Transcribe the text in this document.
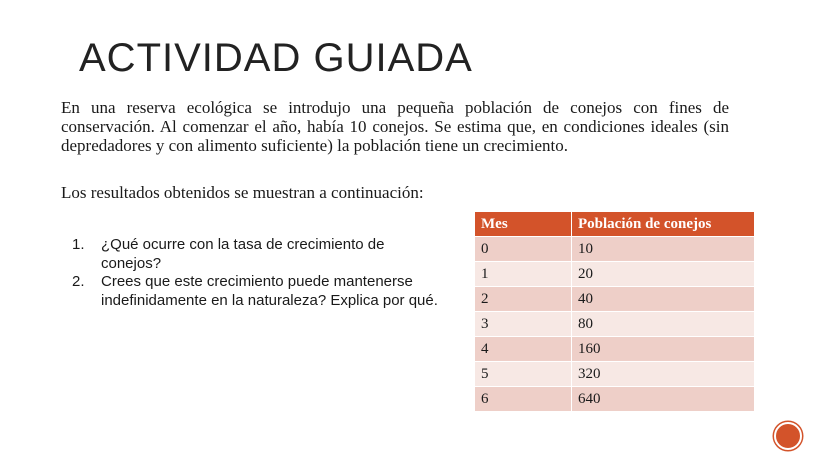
ACTIVIDAD GUIADA

En una reserva ecológica se introdujo una pequeña población de conejos con fines de conservación. Al comenzar el año, había 10 conejos. Se estima que, en condiciones ideales (sin depredadores y con alimento suficiente) la población tiene un crecimiento.

Los resultados obtenidos se muestran a continuación:

1.	¿Qué ocurre con la tasa de crecimiento de conejos?
2.	Crees que este crecimiento puede mantenerse indefinidamente en la naturaleza? Explica por qué.
Mes	Población de conejos
0	10
1	20
2	40
3	80
4	160
5	320
6	640
